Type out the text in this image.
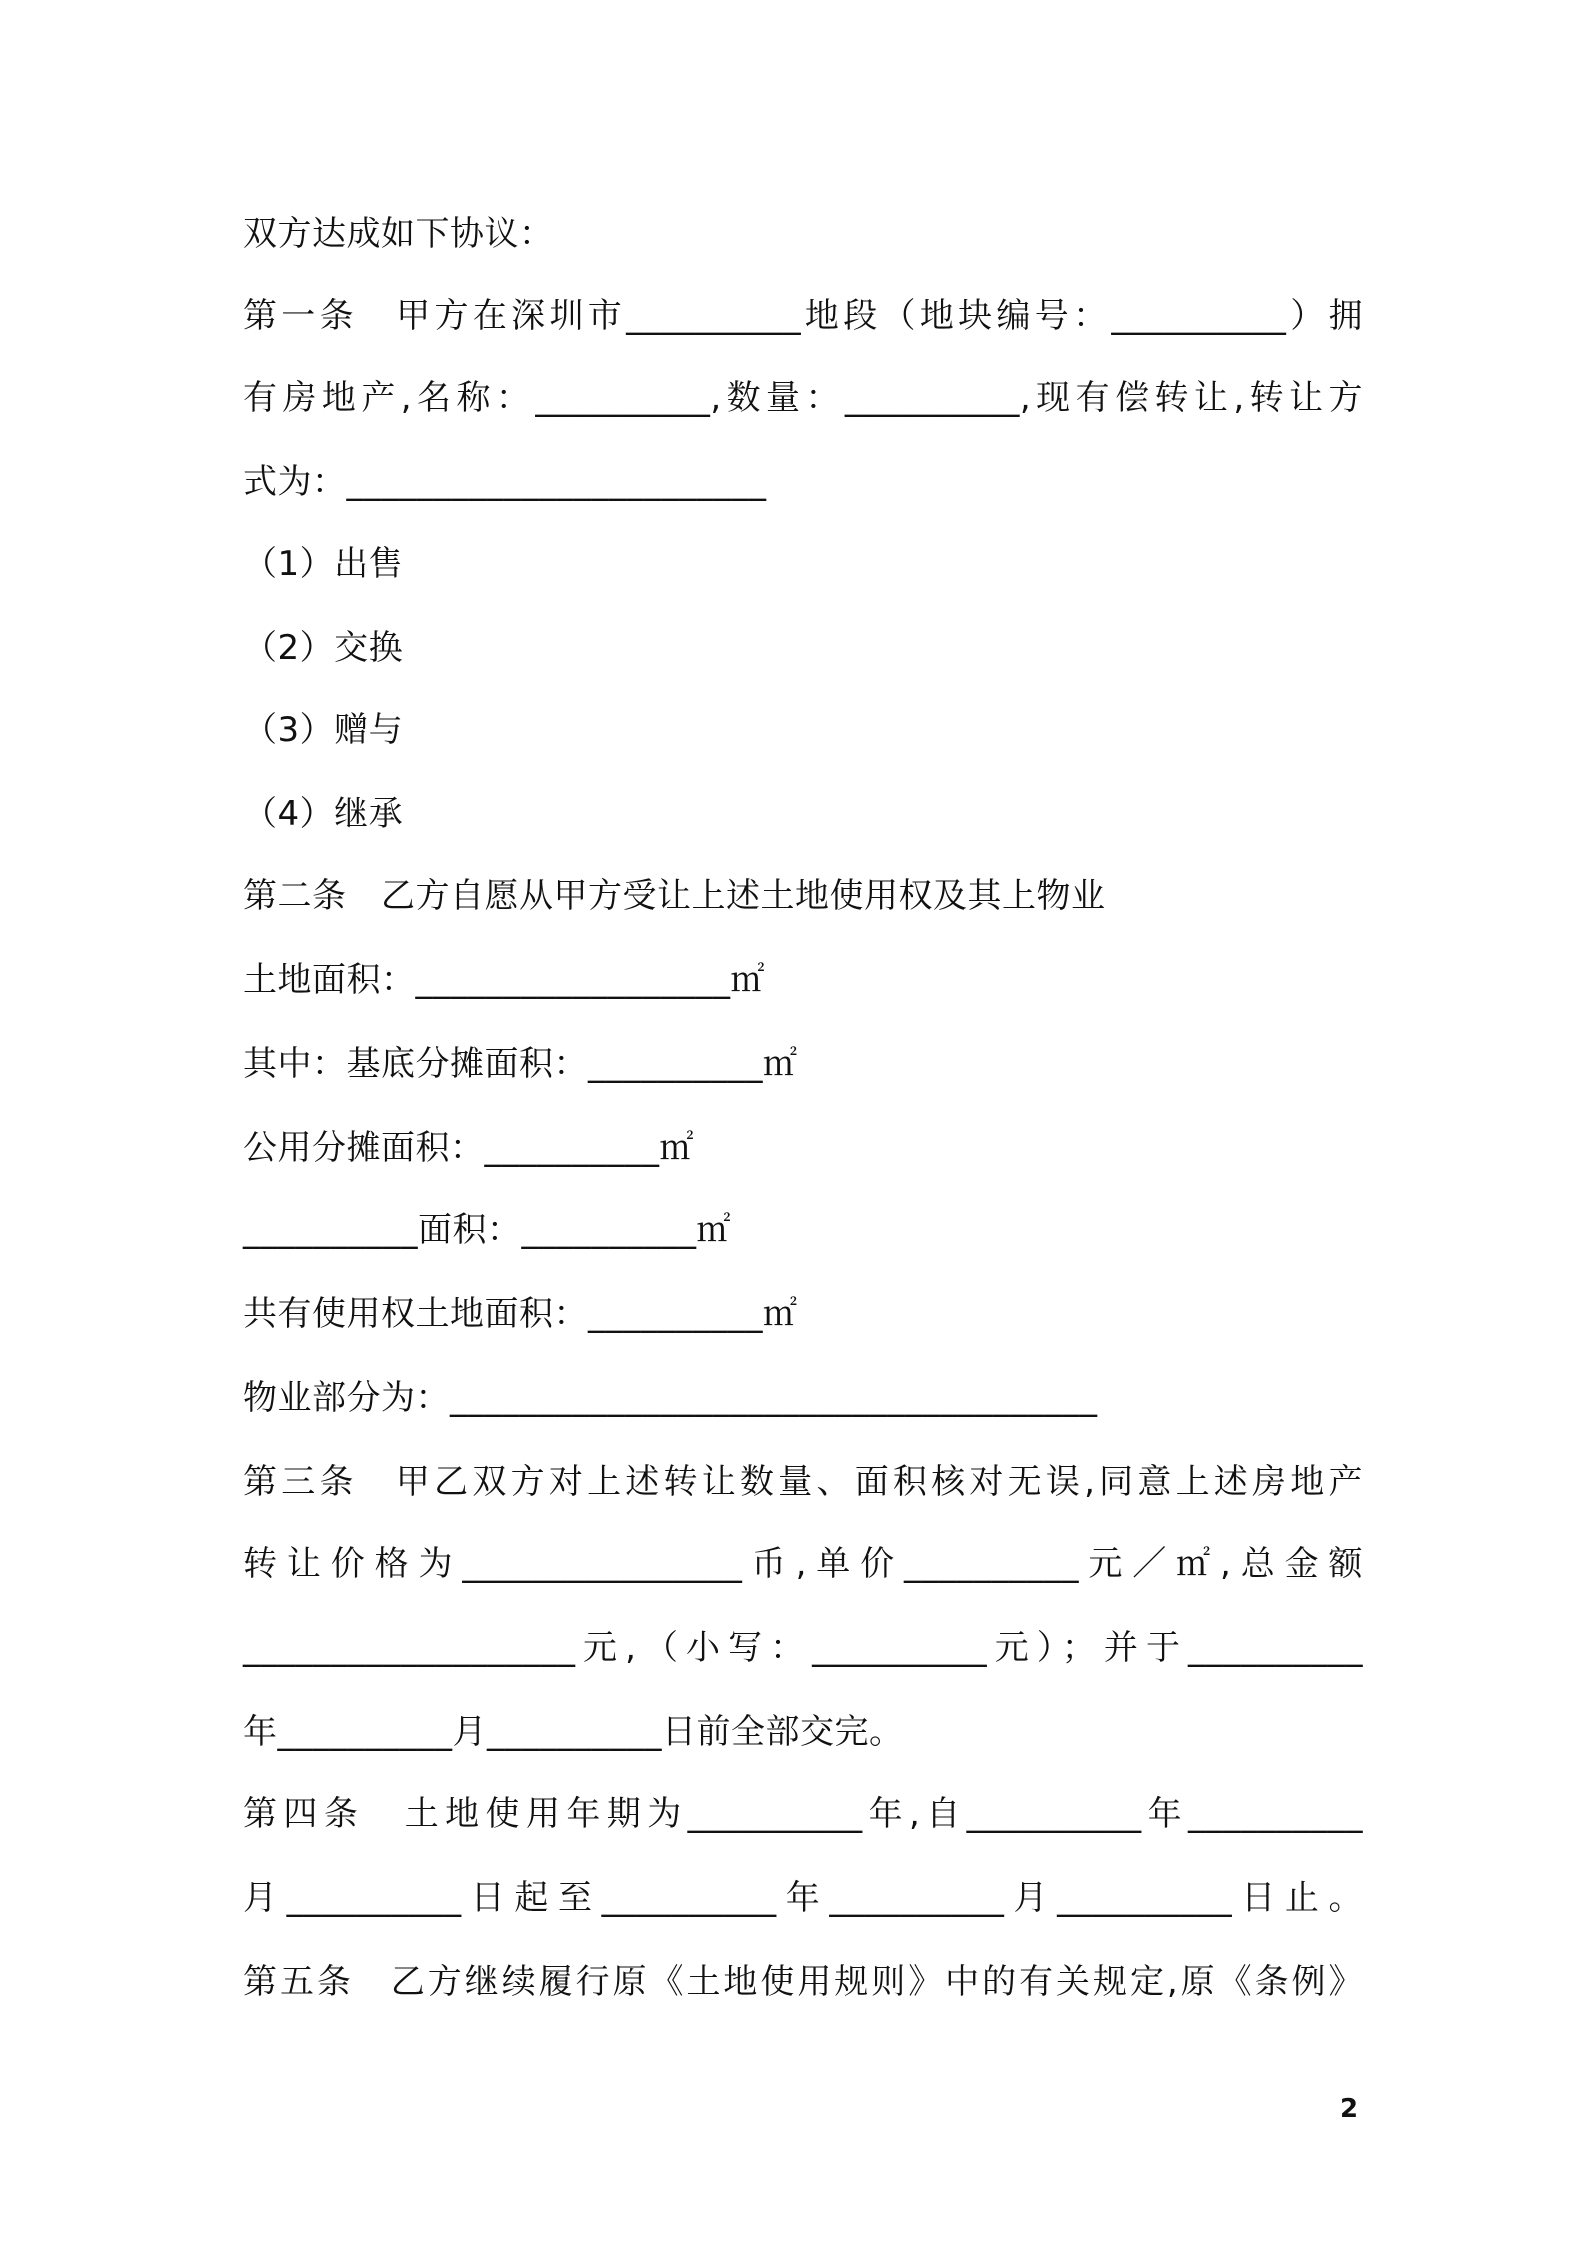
双方达成如下协议：
第一条　甲方在深圳市__________地段（地块编号：__________）拥
有房地产,名称：__________,数量：__________,现有偿转让,转让方
式为：________________________
（1）出售
（2）交换
（3）赠与
（4）继承
第二条　乙方自愿从甲方受让上述土地使用权及其上物业
土地面积：__________________㎡
其中：基底分摊面积：__________㎡
公用分摊面积：__________㎡
__________面积：__________㎡
共有使用权土地面积：__________㎡
物业部分为：_____________________________________
第三条　甲乙双方对上述转让数量、面积核对无误,同意上述房地产
转让价格为________________币,单价__________元／㎡,总金额
___________________元,（小写：__________元）；并于__________
年__________月__________日前全部交完。
第四条　土地使用年期为__________年,自__________年__________
月__________日起至__________年__________月__________日止。
第五条　乙方继续履行原《土地使用规则》中的有关规定,原《条例》
2
